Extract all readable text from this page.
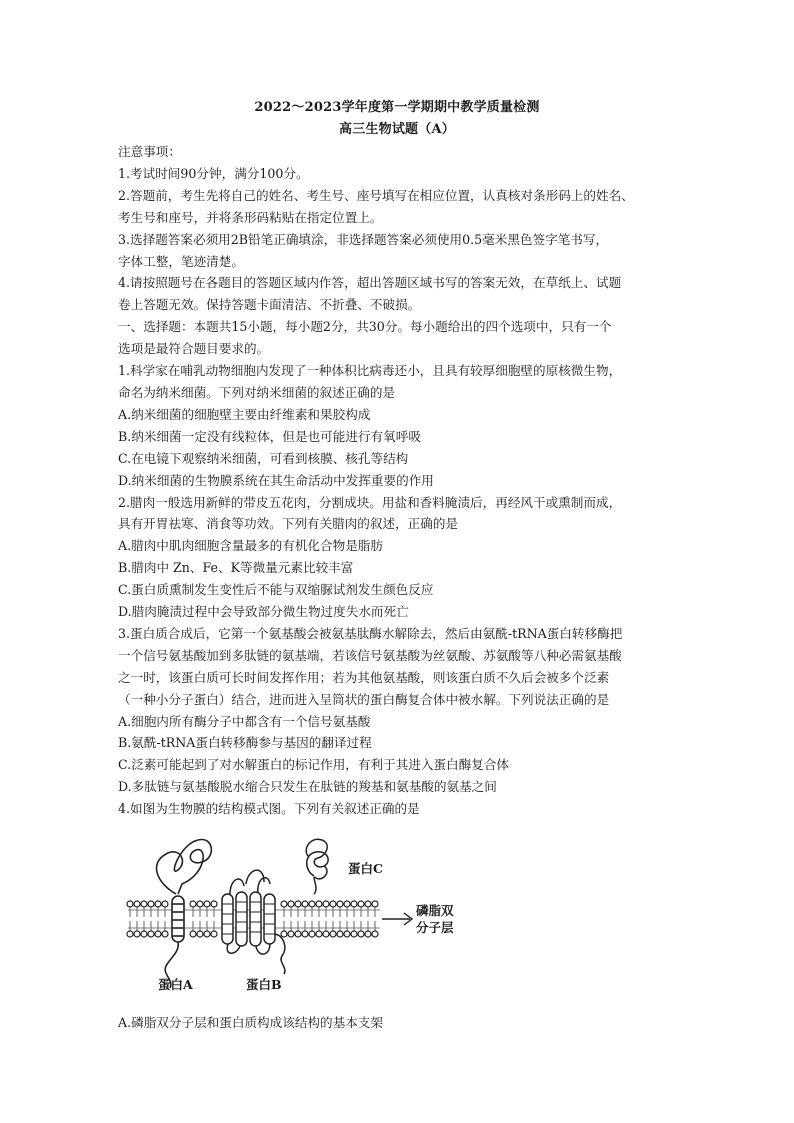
2022～2023学年度第一学期期中教学质量检测
高三生物试题（A）
注意事项：
1.考试时间90分钟，满分100分。
2.答题前，考生先将自己的姓名、考生号、座号填写在相应位置，认真核对条形码上的姓名、
考生号和座号，并将条形码粘贴在指定位置上。
3.选择题答案必须用2B铅笔正确填涂，非选择题答案必须使用0.5毫米黑色签字笔书写，
字体工整，笔迹清楚。
4.请按照题号在各题目的答题区域内作答，超出答题区域书写的答案无效，在草纸上、试题
卷上答题无效。保持答题卡面清洁、不折叠、不破损。
一、选择题：本题共15小题，每小题2分，共30分。每小题给出的四个选项中，只有一个
选项是最符合题目要求的。
1.科学家在哺乳动物细胞内发现了一种体积比病毒还小，且具有较厚细胞壁的原核微生物，
命名为纳米细菌。下列对纳米细菌的叙述正确的是
A.纳米细菌的细胞壁主要由纤维素和果胶构成
B.纳米细菌一定没有线粒体，但是也可能进行有氧呼吸
C.在电镜下观察纳米细菌，可看到核膜、核孔等结构
D.纳米细菌的生物膜系统在其生命活动中发挥重要的作用
2.腊肉一般选用新鲜的带皮五花肉，分割成块。用盐和香料腌渍后，再经风干或熏制而成，
具有开胃祛寒、消食等功效。下列有关腊肉的叙述，正确的是
A.腊肉中肌肉细胞含量最多的有机化合物是脂肪
B.腊肉中 Zn、Fe、K等微量元素比较丰富
C.蛋白质熏制发生变性后不能与双缩脲试剂发生颜色反应
D.腊肉腌渍过程中会导致部分微生物过度失水而死亡
3.蛋白质合成后，它第一个氨基酸会被氨基肽酶水解除去，然后由氨酰-tRNA蛋白转移酶把
一个信号氨基酸加到多肽链的氨基端，若该信号氨基酸为丝氨酸、苏氨酸等八种必需氨基酸
之一时，该蛋白质可长时间发挥作用；若为其他氨基酸，则该蛋白质不久后会被多个泛素
（一种小分子蛋白）结合，进而进入呈筒状的蛋白酶复合体中被水解。下列说法正确的是
A.细胞内所有酶分子中都含有一个信号氨基酸
B.氨酰-tRNA蛋白转移酶参与基因的翻译过程
C.泛素可能起到了对水解蛋白的标记作用，有利于其进入蛋白酶复合体
D.多肽链与氨基酸脱水缩合只发生在肽链的羧基和氨基酸的氨基之间
4.如图为生物膜的结构模式图。下列有关叙述正确的是
蛋白A	蛋白B
蛋白C
磷脂双
分子层
A.磷脂双分子层和蛋白质构成该结构的基本支架
